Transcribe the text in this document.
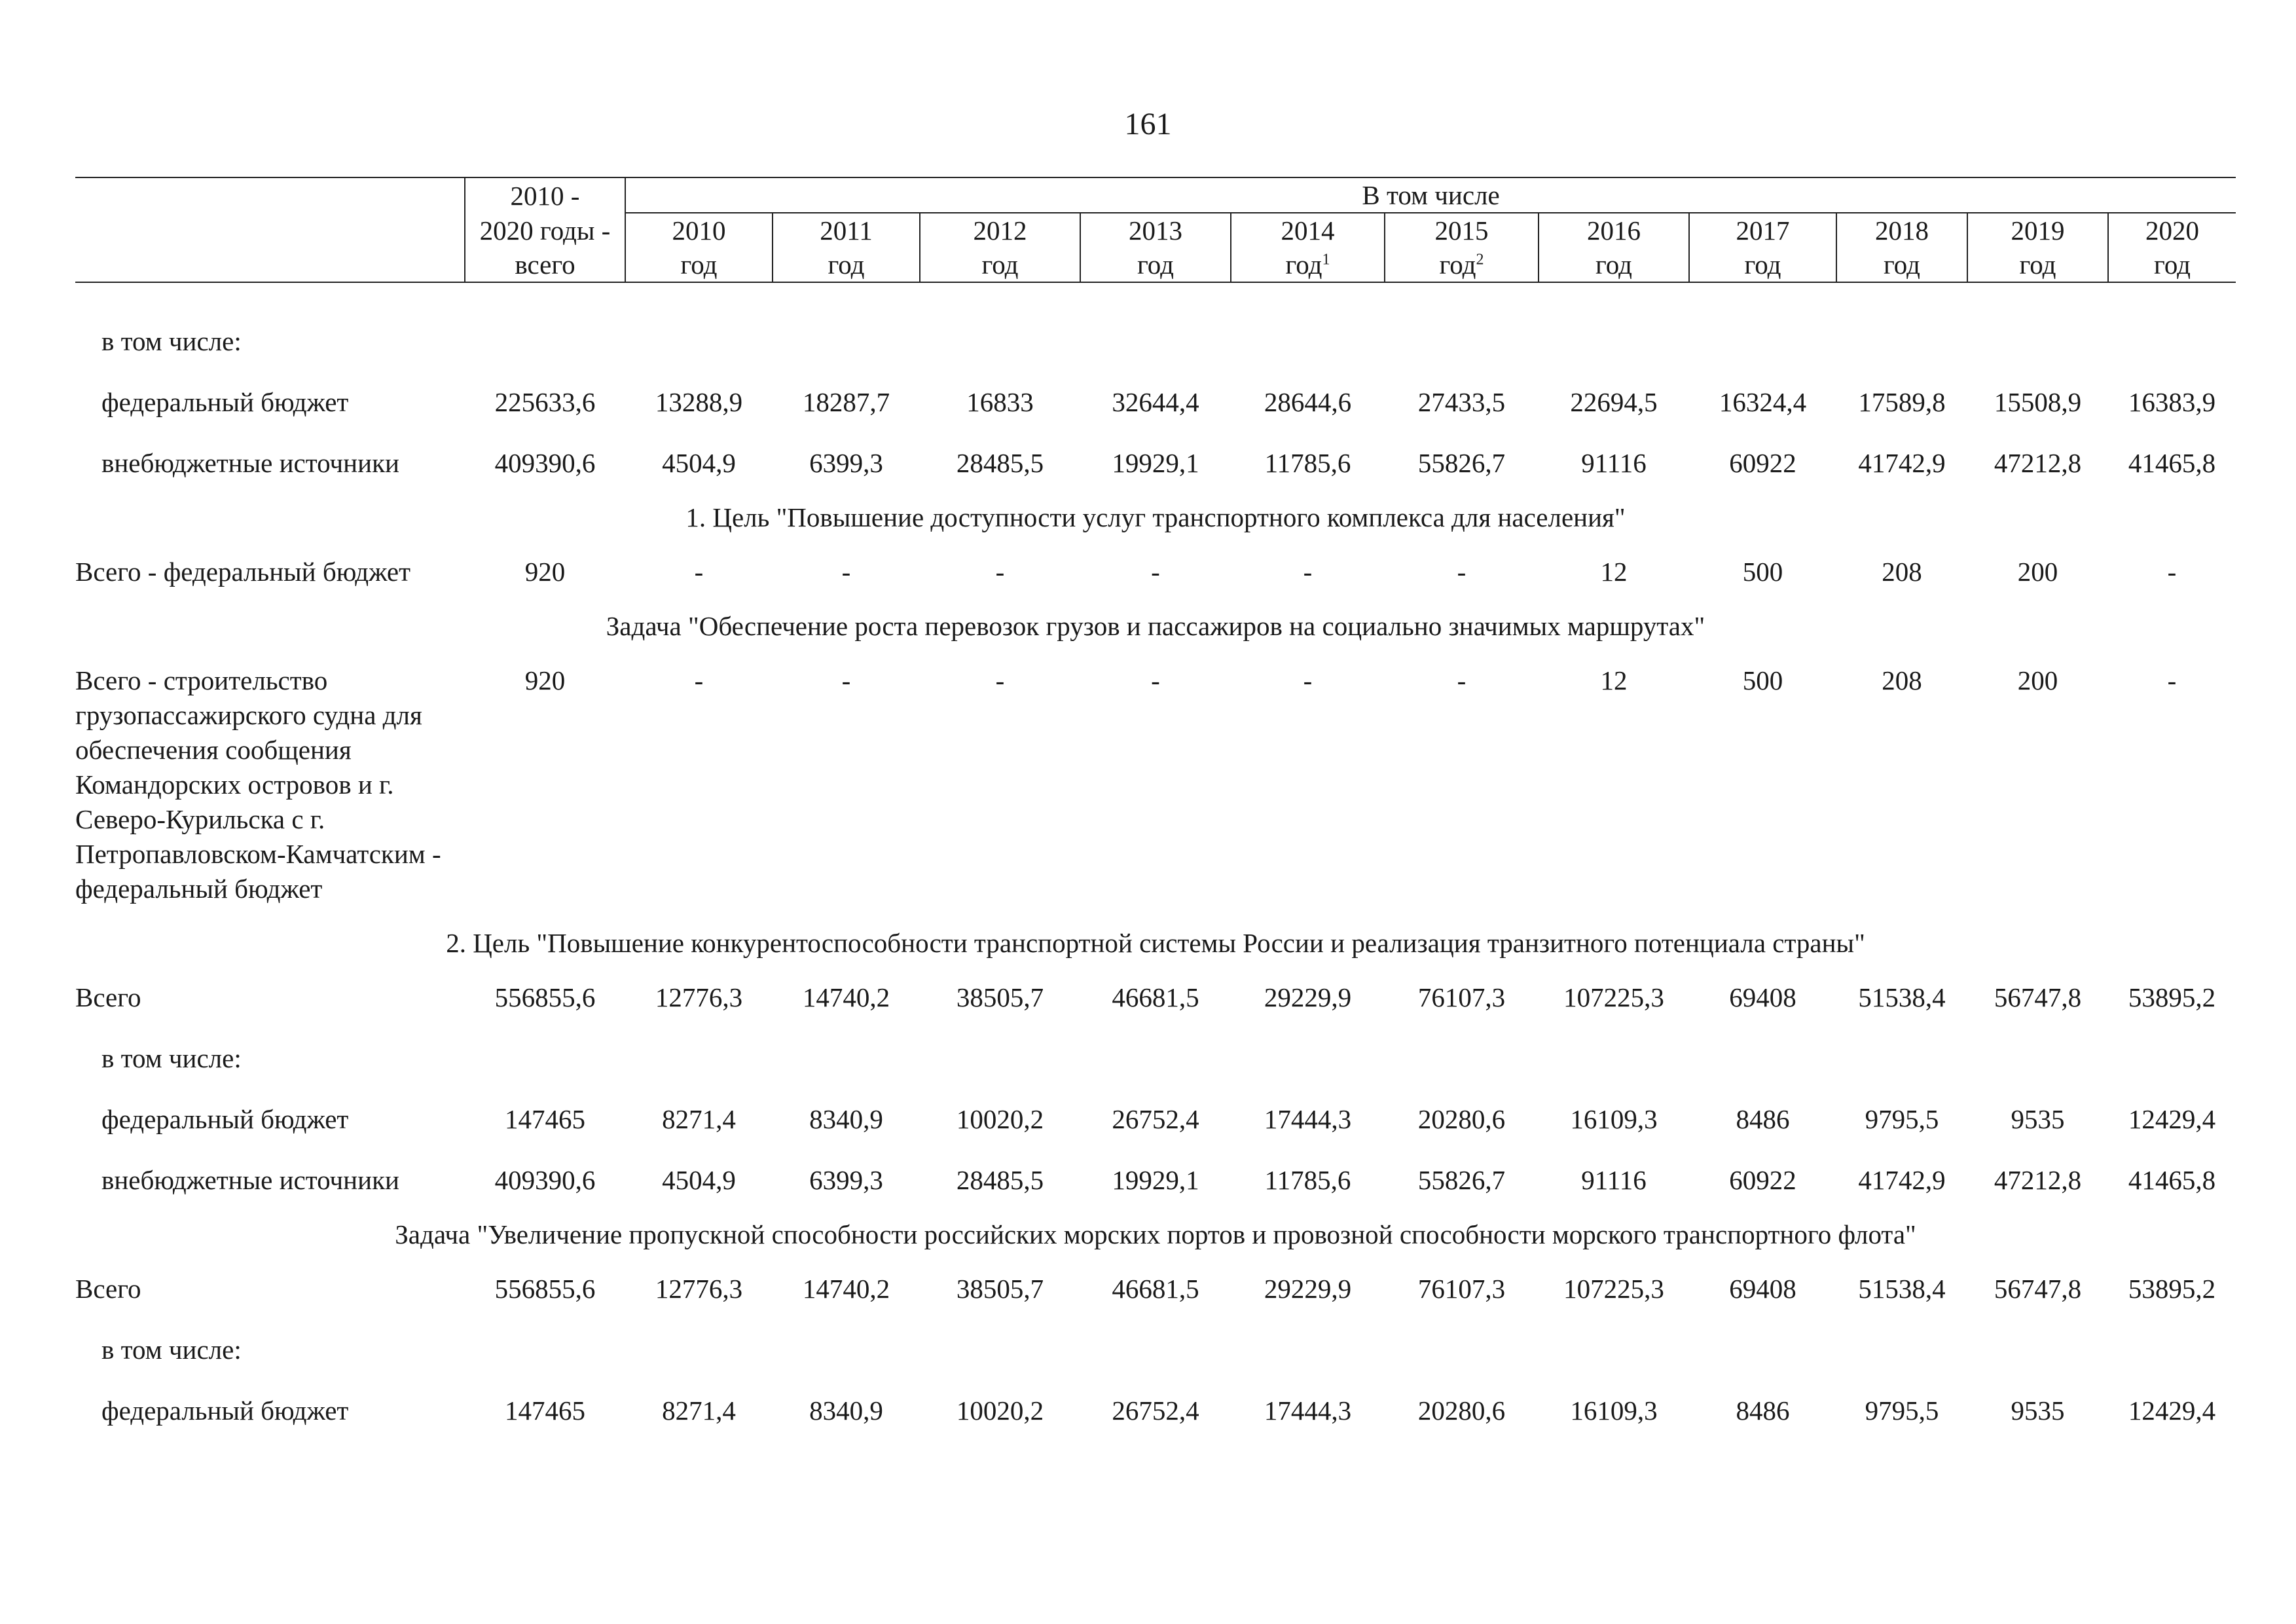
161
	2010 -	В том числе										
	2020 годы -	2010	2011	2012	2013	2014	2015	2016	2017	2018	2019	2020
	всего	год	год	год	год	год$^1$	год$^2$	год	год	год	год	год
в том числе:												
федеральный бюджет	225633,6	13288,9	18287,7	16833	32644,4	28644,6	27433,5	22694,5	16324,4	17589,8	15508,9	16383,9
внебюджетные источники	409390,6	4504,9	6399,3	28485,5	19929,1	11785,6	55826,7	91116	60922	41742,9	47212,8	41465,8
1. Цель "Повышение доступности услуг транспортного комплекса для населения"												
Всего - федеральный бюджет	920	-	-	-	-	-	-	12	500	208	200	-
Задача "Обеспечение роста перевозок грузов и пассажиров на социально значимых маршрутах"												
Всего - строительство грузопассажирского судна для обеспечения сообщения Командорских островов и г. Северо-Курильска с г. Петропавловском-Камчатским - федеральный бюджет	920	-	-	-	-	-	-	12	500	208	200	-
2. Цель "Повышение конкурентоспособности транспортной системы России и реализация транзитного потенциала страны"												
Всего	556855,6	12776,3	14740,2	38505,7	46681,5	29229,9	76107,3	107225,3	69408	51538,4	56747,8	53895,2
в том числе:												
федеральный бюджет	147465	8271,4	8340,9	10020,2	26752,4	17444,3	20280,6	16109,3	8486	9795,5	9535	12429,4
внебюджетные источники	409390,6	4504,9	6399,3	28485,5	19929,1	11785,6	55826,7	91116	60922	41742,9	47212,8	41465,8
Задача "Увеличение пропускной способности российских морских портов и провозной способности морского транспортного флота"												
Всего	556855,6	12776,3	14740,2	38505,7	46681,5	29229,9	76107,3	107225,3	69408	51538,4	56747,8	53895,2
в том числе:												
федеральный бюджет	147465	8271,4	8340,9	10020,2	26752,4	17444,3	20280,6	16109,3	8486	9795,5	9535	12429,4
